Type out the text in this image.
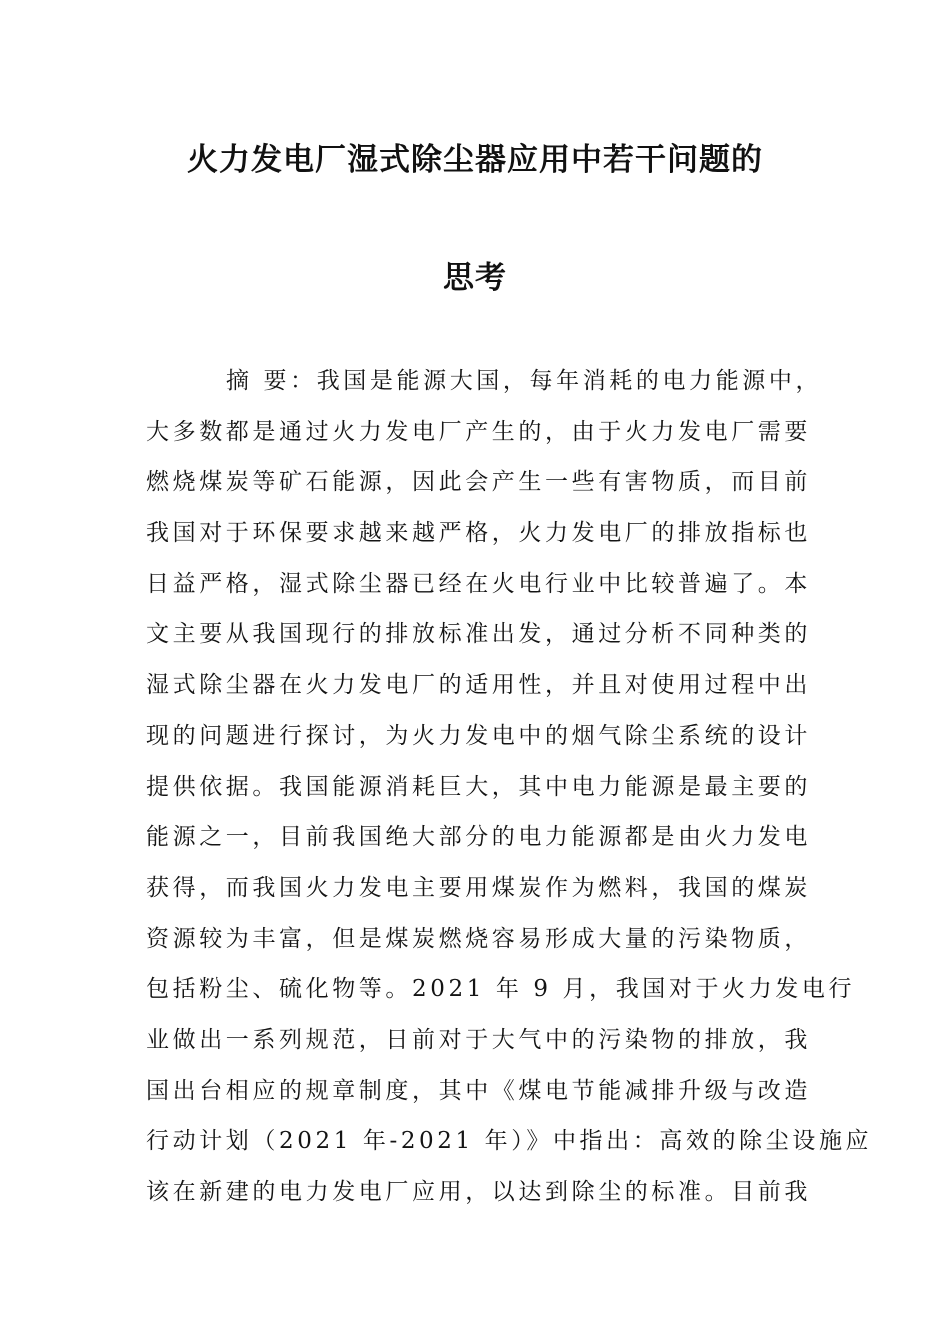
火力发电厂湿式除尘器应用中若干问题的
思考
摘 要：我国是能源大国，每年消耗的电力能源中，
大多数都是通过火力发电厂产生的，由于火力发电厂需要
燃烧煤炭等矿石能源，因此会产生一些有害物质，而目前
我国对于环保要求越来越严格，火力发电厂的排放指标也
日益严格，湿式除尘器已经在火电行业中比较普遍了。本
文主要从我国现行的排放标准出发，通过分析不同种类的
湿式除尘器在火力发电厂的适用性，并且对使用过程中出
现的问题进行探讨，为火力发电中的烟气除尘系统的设计
提供依据。我国能源消耗巨大，其中电力能源是最主要的
能源之一，目前我国绝大部分的电力能源都是由火力发电
获得，而我国火力发电主要用煤炭作为燃料，我国的煤炭
资源较为丰富，但是煤炭燃烧容易形成大量的污染物质，
包括粉尘、硫化物等。2021 年 9 月，我国对于火力发电行
业做出一系列规范，日前对于大气中的污染物的排放，我
国出台相应的规章制度，其中《煤电节能减排升级与改造
行动计划（2021 年-2021 年）》中指出：高效的除尘设施应
该在新建的电力发电厂应用，以达到除尘的标准。目前我
